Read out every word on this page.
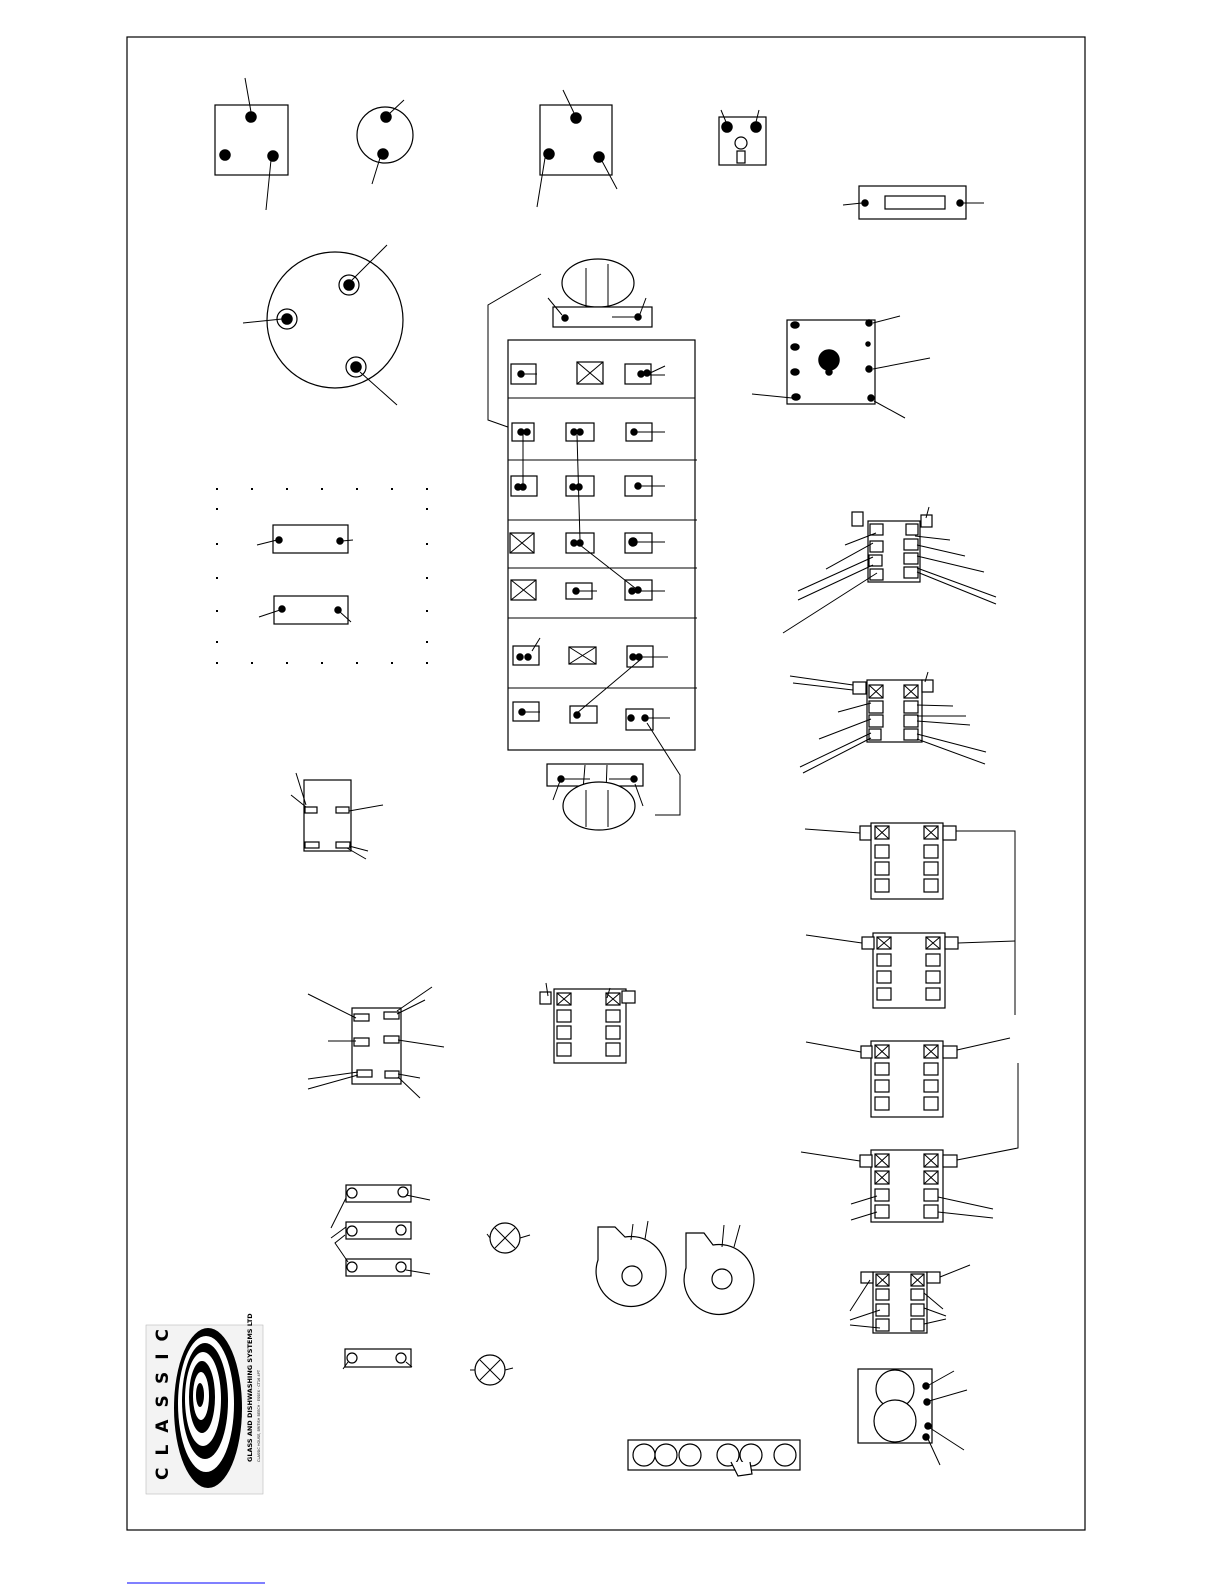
CLASSIC	GLASS AND DISHWASHING SYSTEMS LTD CLASSIC HOUSE, BRITISH BEECH · ESSEX · CT16 4PT
